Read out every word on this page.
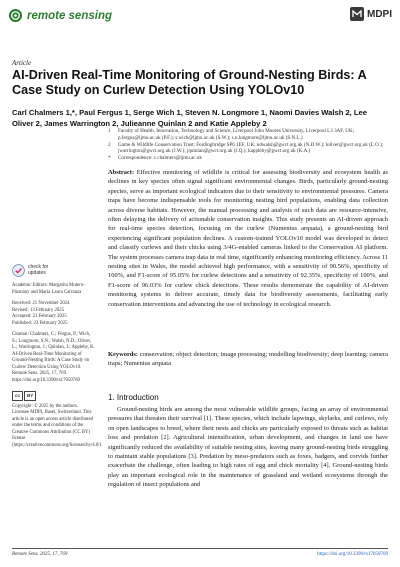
remote sensing	MDPI
Article
AI-Driven Real-Time Monitoring of Ground-Nesting Birds: A Case Study on Curlew Detection Using YOLOv10
Carl Chalmers 1,*, Paul Fergus 1, Serge Wich 1, Steven N. Longmore 1, Naomi Davies Walsh 2, Lee Oliver 2, James Warrington 2, Julieanne Quinlan 2 and Katie Appleby 2
1	Faculty of Health, Innovation, Technology and Science, Liverpool John Moores University, Liverpool L3 3AF, UK; p.fergus@ljmu.ac.uk (P.F.); s.wich@ljmu.ac.uk (S.W.); s.n.longmore@ljmu.ac.uk (S.N.L.)
2	Game & Wildlife Conservation Trust; Fordingbridge SP6 1EF, UK; ndwalsh@gwct.org.uk (N.D.W.); loliver@gwct.org.uk (L.O.); jwarrington@gwct.org.uk (J.W.); jquinlan@gwct.org.uk (J.Q.); kappleby@gwct.org.uk (K.A.)
*	Correspondence: c.chalmers@ljmu.ac.uk
Abstract: Effective monitoring of wildlife is critical for assessing biodiversity and ecosystem health as declines in key species often signal significant environmental changes. Birds, particularly ground-nesting species, serve as important ecological indicators due to their sensitivity to environmental pressures. Camera traps have become indispensable tools for monitoring nesting bird populations, enabling data collection across diverse habitats. However, the manual processing and analysis of such data are resource-intensive, often delaying the delivery of actionable conservation insights. This study presents an AI-driven approach for real-time species detection, focusing on the curlew (Numenius arquata), a ground-nesting bird experiencing significant population declines. A custom-trained YOLOv10 model was developed to detect and classify curlews and their chicks using 3/4G-enabled cameras linked to the Conservation AI platform. The system processes camera trap data in real time, significantly enhancing monitoring efficiency. Across 11 nesting sites in Wales, the model achieved high performance, with a sensitivity of 90.56%, specificity of 100%, and F1-score of 95.05% for curlew detections and a sensitivity of 92.35%, specificity of 100%, and F1-score of 96.03% for curlew chick detections. These results demonstrate the capability of AI-driven monitoring systems to deliver accurate, timely data for biodiversity assessments, facilitating early conservation interventions and advancing the use of technology in ecological research.
Keywords: conservation; object detection; image processing; modelling biodiversity; deep learning; camera traps; Numenius arquata
check for
updates
Academic Editors: Margarita Mulero-Pázmány and María Laura Carranza
Received: 21 November 2024
Revised: 13 February 2025
Accepted: 21 February 2025
Published: 23 February 2025
Citation: Chalmers, C.; Fergus, P.; Wich, S.; Longmore, S.N.; Walsh, N.D.; Oliver, L.; Warrington, J.; Quinlan, J.; Appleby, K. AI-Driven Real-Time Monitoring of Ground-Nesting Birds: A Case Study on Curlew Detection Using YOLOv10. Remote Sens. 2025, 17, 769. https://doi.org/10.3390/rs17050769
cc	BY
Copyright: © 2025 by the authors. Licensee MDPI, Basel, Switzerland. This article is an open access article distributed under the terms and conditions of the Creative Commons Attribution (CC BY) license (https://creativecommons.org/licenses/by/4.0/).
1. Introduction
Ground-nesting birds are among the most vulnerable wildlife groups, facing an array of environmental pressures that threaten their survival [1]. These species, which include lapwings, skylarks, and curlews, rely on open landscapes to breed, where their nests and chicks are particularly exposed to threats such as habitat loss and predation [2]. Agricultural intensification, urban development, and changes in land use have significantly reduced the availability of suitable nesting sites, leaving many ground-nesting birds struggling to maintain stable populations [3]. Predation by meso-predators such as foxes, badgers, and corvids further exacerbate the challenge, often leading to high rates of egg and chick mortality [4]. Ground-nesting birds play an important ecological role in the maintenance of grassland and wetland ecosystems through the regulation of insect populations and
Remote Sens. 2025, 17, 769	https://doi.org/10.3390/rs17050769
